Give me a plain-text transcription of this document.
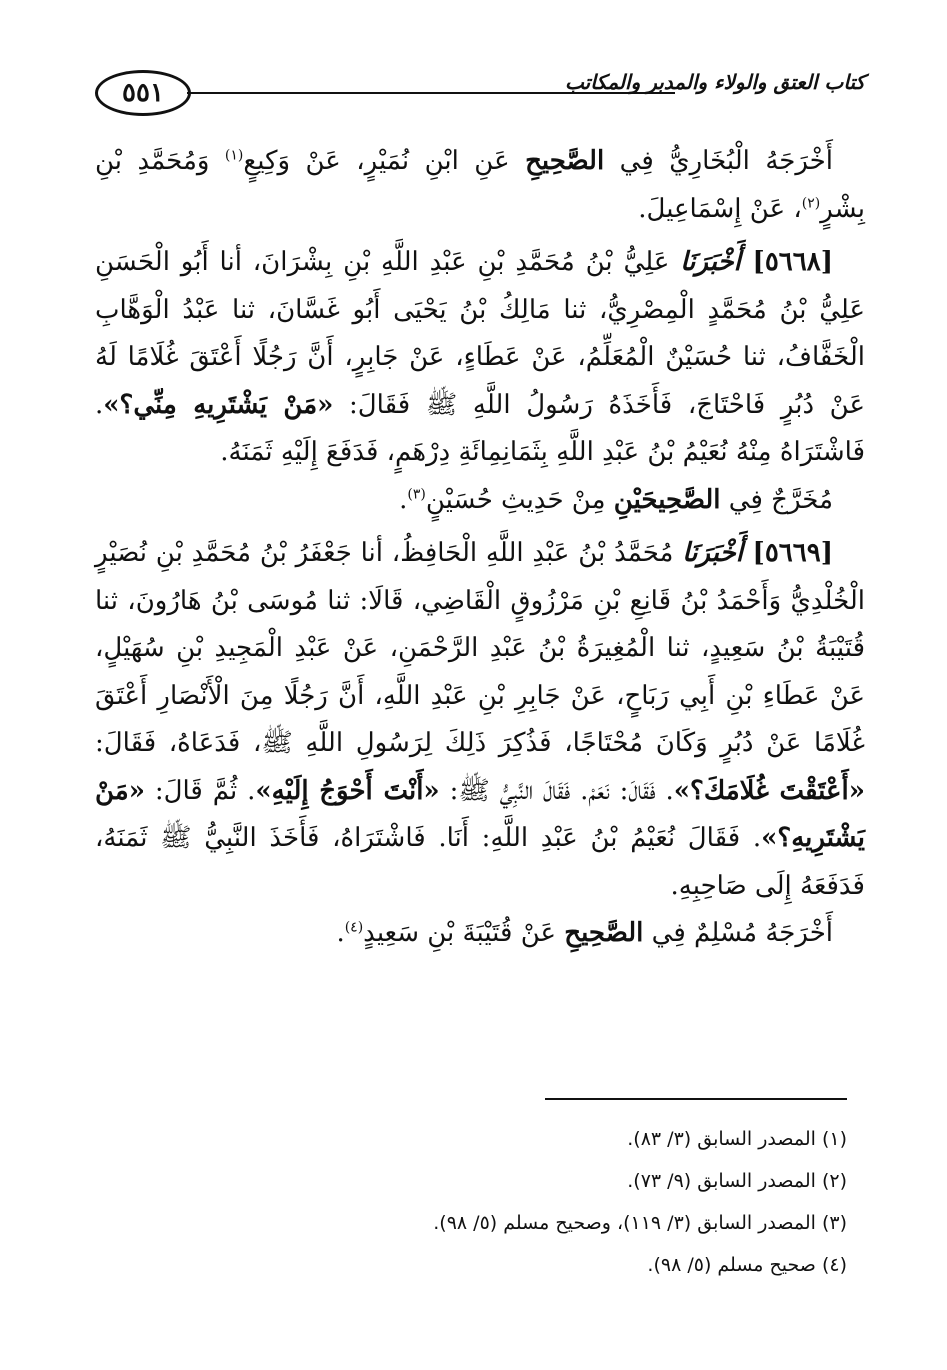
٥٥١	كتاب العتق والولاء والمدبر والمكاتب

أَخْرَجَهُ الْبُخَارِيُّ فِي الصَّحِيحِ عَنِ ابْنِ نُمَيْرٍ، عَنْ وَكِيعٍ$^{(١)}$ وَمُحَمَّدِ بْنِ بِشْرٍ$^{(٢)}$، عَنْ إِسْمَاعِيلَ.

[٥٦٦٨] أَخْبَرَنَا عَلِيُّ بْنُ مُحَمَّدِ بْنِ عَبْدِ اللَّهِ بْنِ بِشْرَانَ، أنا أَبُو الْحَسَنِ عَلِيُّ بْنُ مُحَمَّدٍ الْمِصْرِيُّ، ثنا مَالِكُ بْنُ يَحْيَى أَبُو غَسَّانَ، ثنا عَبْدُ الْوَهَّابِ الْخَفَّافُ، ثنا حُسَيْنٌ الْمُعَلِّمُ، عَنْ عَطَاءٍ، عَنْ جَابِرٍ، أَنَّ رَجُلًا أَعْتَقَ غُلَامًا لَهُ عَنْ دُبُرٍ فَاحْتَاجَ، فَأَخَذَهُ رَسُولُ اللَّهِ ﷺ فَقَالَ: «مَنْ يَشْتَرِيهِ مِنِّي؟». فَاشْتَرَاهُ مِنْهُ نُعَيْمُ بْنُ عَبْدِ اللَّهِ بِثَمَانِمِائَةِ دِرْهَمٍ، فَدَفَعَ إِلَيْهِ ثَمَنَهُ.

مُخَرَّجٌ فِي الصَّحِيحَيْنِ مِنْ حَدِيثِ حُسَيْنٍ$^{(٣)}$.

[٥٦٦٩] أَخْبَرَنَا مُحَمَّدُ بْنُ عَبْدِ اللَّهِ الْحَافِظُ، أنا جَعْفَرُ بْنُ مُحَمَّدِ بْنِ نُصَيْرٍ الْخُلْدِيُّ وَأَحْمَدُ بْنُ قَانِعِ بْنِ مَرْزُوقٍ الْقَاضِي، قَالَا: ثنا مُوسَى بْنُ هَارُونَ، ثنا قُتَيْبَةُ بْنُ سَعِيدٍ، ثنا الْمُغِيرَةُ بْنُ عَبْدِ الرَّحْمَنِ، عَنْ عَبْدِ الْمَجِيدِ بْنِ سُهَيْلٍ، عَنْ عَطَاءِ بْنِ أَبِي رَبَاحٍ، عَنْ جَابِرِ بْنِ عَبْدِ اللَّهِ، أَنَّ رَجُلًا مِنَ الْأَنْصَارِ أَعْتَقَ غُلَامًا عَنْ دُبُرٍ وَكَانَ مُحْتَاجًا، فَذُكِرَ ذَلِكَ لِرَسُولِ اللَّهِ ﷺ، فَدَعَاهُ، فَقَالَ: «أَعْتَقْتَ غُلَامَكَ؟». فَقَالَ: نَعَمْ. فَقَالَ النَّبِيُّ ﷺ: «أَنْتَ أَحْوَجُ إِلَيْهِ». ثُمَّ قَالَ: «مَنْ يَشْتَرِيهِ؟». فَقَالَ نُعَيْمُ بْنُ عَبْدِ اللَّهِ: أَنَا. فَاشْتَرَاهُ، فَأَخَذَ النَّبِيُّ ﷺ ثَمَنَهُ، فَدَفَعَهُ إِلَى صَاحِبِهِ.

أَخْرَجَهُ مُسْلِمٌ فِي الصَّحِيحِ عَنْ قُتَيْبَةَ بْنِ سَعِيدٍ$^{(٤)}$.

(١) المصدر السابق (٣/ ٨٣).
(٢) المصدر السابق (٩/ ٧٣).
(٣) المصدر السابق (٣/ ١١٩)، وصحيح مسلم (٥/ ٩٨).
(٤) صحيح مسلم (٥/ ٩٨).
